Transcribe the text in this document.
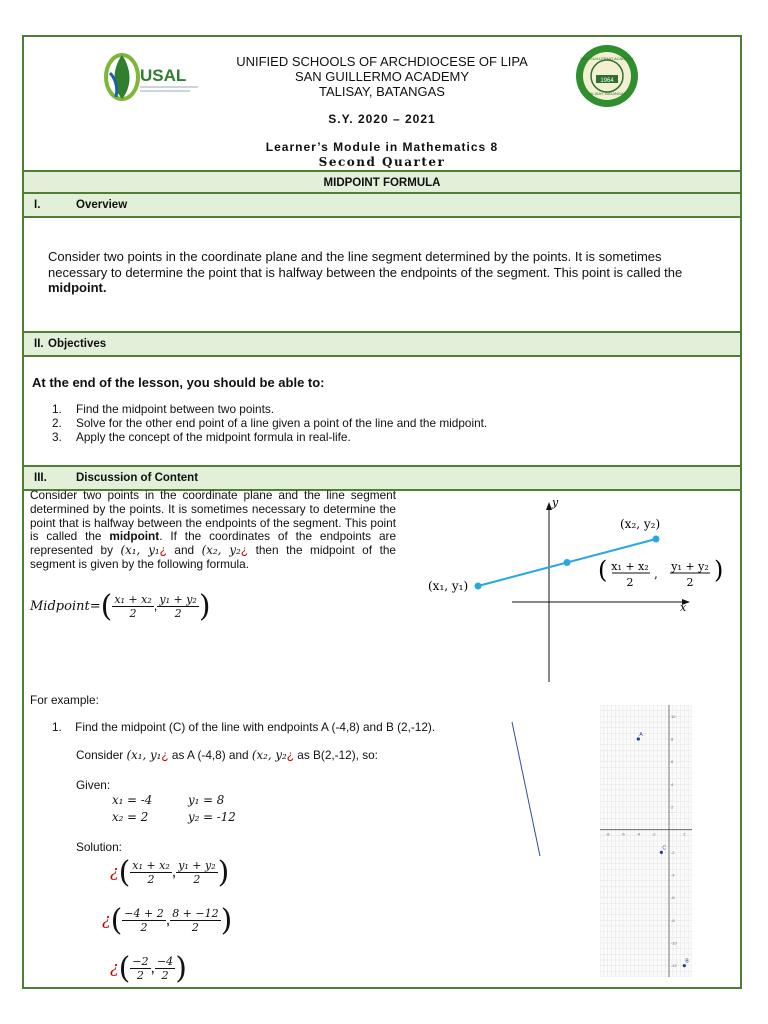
USAL	1964
SAN GUILLERMO ACADEMY
TALISAY, BATANGAS
UNIFIED SCHOOLS OF ARCHDIOCESE OF LIPA
SAN GUILLERMO ACADEMY
TALISAY, BATANGAS
S.Y. 2020 – 2021
Learner’s Module in Mathematics 8
Second Quarter
MIDPOINT FORMULA
I.	Overview
Consider two points in the coordinate plane and the line segment determined by the points. It is sometimes necessary to determine the point that is halfway between the endpoints of the segment. This point is called the midpoint.
II. Objectives
At the end of the lesson, you should be able to:
1. Find the midpoint between two points.
2. Solve for the other end point of a line given a point of the line and the midpoint.
3. Apply the concept of the midpoint formula in real-life.
III.	Discussion of Content
Consider two points in the coordinate plane and the line segment determined by the points. It is sometimes necessary to determine the point that is halfway between the endpoints of the segment. This point is called the midpoint. If the coordinates of the endpoints are represented by (x₁, y₁¿ and (x₂, y₂¿ then the midpoint of the segment is given by the following formula.
Midpoint=( $\frac{\text{x₁ + x₂}}{2}$ , $\frac{\text{y₁ + y₂}}{2}$ )
y
x
(x₁, y₁)
(x₂, y₂)
( x₁ + x₂
2
,
y₁ + y₂
2 )
For example:
1. Find the midpoint (C) of the line with endpoints A (-4,8) and B (2,-12).
Consider (x₁, y₁¿ as A (-4,8) and (x₂, y₂¿ as B(2,-12), so:
Given:
x₁ = -4	y₁ = 8
x₂ = 2	y₂ = -12
Solution:
¿( $\frac{\text{x₁ + x₂}}{2}$ , $\frac{\text{y₁ + y₂}}{2}$ )
¿( $\frac{-4 + 2}{2}$ , $\frac{8 + -12}{2}$ )
¿( $\frac{-2}{2}$ , $\frac{-4}{2}$ )
-8	-6	-4	-2	2
10
8
6
4
2
-2
-4
-6
-8
-10
-12
A
C
B
